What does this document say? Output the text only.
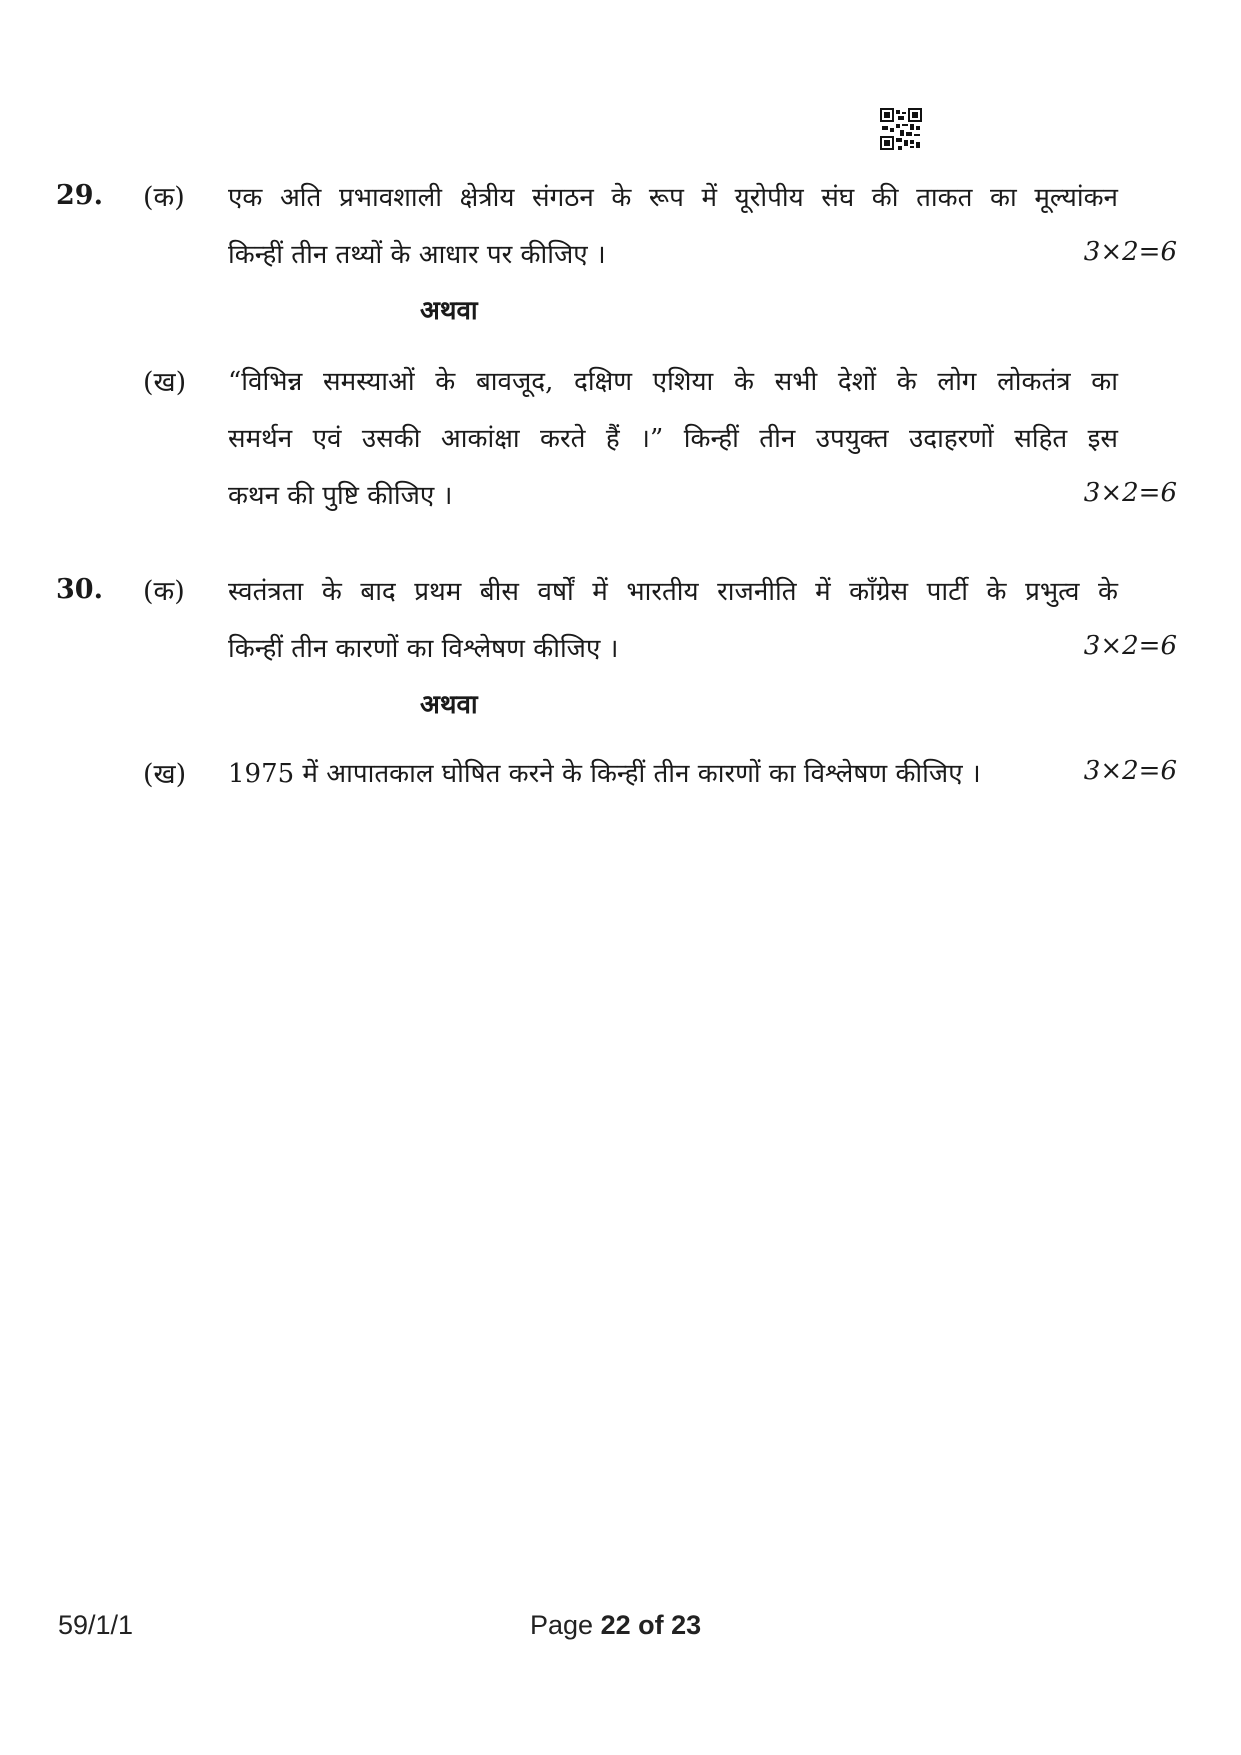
29. (क) एक अति प्रभावशाली क्षेत्रीय संगठन के रूप में यूरोपीय संघ की ताकत का मूल्यांकन
किन्हीं तीन तथ्यों के आधार पर कीजिए ।	3×2=6
अथवा
(ख) “विभिन्न समस्याओं के बावजूद, दक्षिण एशिया के सभी देशों के लोग लोकतंत्र का
समर्थन एवं उसकी आकांक्षा करते हैं ।” किन्हीं तीन उपयुक्त उदाहरणों सहित इस
कथन की पुष्टि कीजिए ।	3×2=6
30. (क) स्वतंत्रता के बाद प्रथम बीस वर्षों में भारतीय राजनीति में काँग्रेस पार्टी के प्रभुत्व के
किन्हीं तीन कारणों का विश्लेषण कीजिए ।	3×2=6
अथवा
(ख) 1975 में आपातकाल घोषित करने के किन्हीं तीन कारणों का विश्लेषण कीजिए ।	3×2=6
59/1/1	Page 22 of 23
